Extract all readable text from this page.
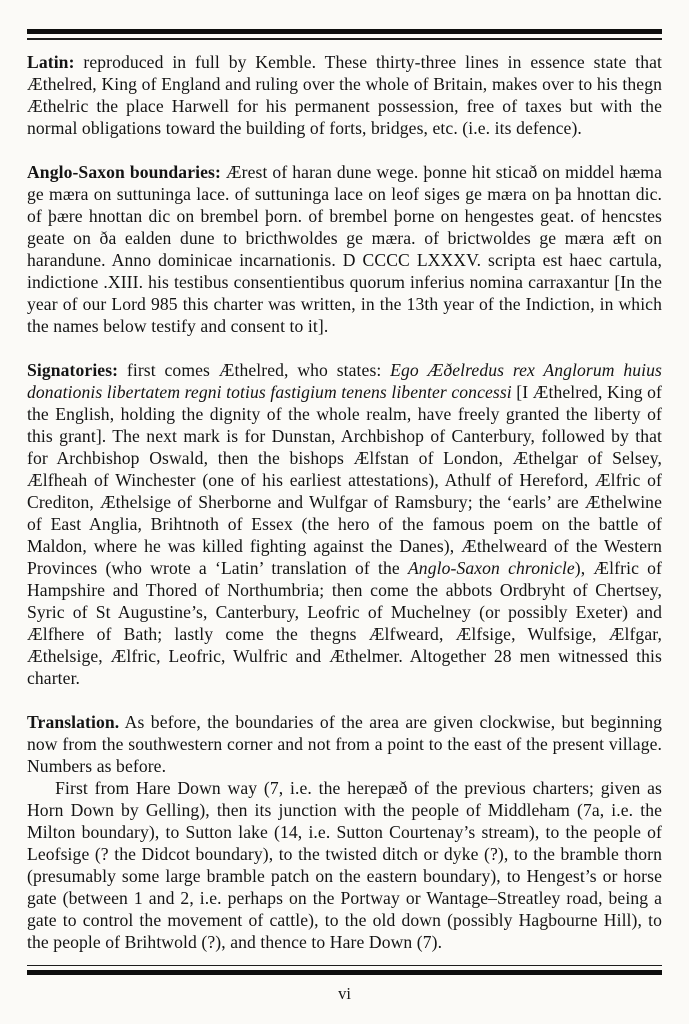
Latin: reproduced in full by Kemble. These thirty-three lines in essence state that Æthelred, King of England and ruling over the whole of Britain, makes over to his thegn Æthelric the place Harwell for his permanent possession, free of taxes but with the normal obligations toward the building of forts, bridges, etc. (i.e. its defence).

Anglo-Saxon boundaries: Ærest of haran dune wege. þonne hit sticað on middel hæma ge mæra on suttuninga lace. of suttuninga lace on leof siges ge mæra on þa hnottan dic. of þære hnottan dic on brembel þorn. of brembel þorne on hengestes geat. of hencstes geate on ða ealden dune to bricthwoldes ge mæra. of brictwoldes ge mæra æft on harandune. Anno dominicae incarnationis. D CCCC LXXXV. scripta est haec cartula, indictione .XIII. his testibus consentientibus quorum inferius nomina carraxantur [In the year of our Lord 985 this charter was written, in the 13th year of the Indiction, in which the names below testify and consent to it].

Signatories: first comes Æthelred, who states: Ego Æðelredus rex Anglorum huius donationis libertatem regni totius fastigium tenens libenter concessi [I Æthelred, King of the English, holding the dignity of the whole realm, have freely granted the liberty of this grant]. The next mark is for Dunstan, Archbishop of Canterbury, followed by that for Archbishop Oswald, then the bishops Ælfstan of London, Æthelgar of Selsey, Ælfheah of Winchester (one of his earliest attestations), Athulf of Hereford, Ælfric of Crediton, Æthelsige of Sherborne and Wulfgar of Ramsbury; the ‘earls’ are Æthelwine of East Anglia, Brihtnoth of Essex (the hero of the famous poem on the battle of Maldon, where he was killed fighting against the Danes), Æthelweard of the Western Provinces (who wrote a ‘Latin’ translation of the Anglo-Saxon chronicle), Ælfric of Hampshire and Thored of Northumbria; then come the abbots Ordbryht of Chertsey, Syric of St Augustine’s, Canterbury, Leofric of Muchelney (or possibly Exeter) and Ælfhere of Bath; lastly come the thegns Ælfweard, Ælfsige, Wulfsige, Ælfgar, Æthelsige, Ælfric, Leofric, Wulfric and Æthelmer. Altogether 28 men witnessed this charter.

Translation. As before, the boundaries of the area are given clockwise, but beginning now from the southwestern corner and not from a point to the east of the present village. Numbers as before.

First from Hare Down way (7, i.e. the herepæð of the previous charters; given as Horn Down by Gelling), then its junction with the people of Middleham (7a, i.e. the Milton boundary), to Sutton lake (14, i.e. Sutton Courtenay’s stream), to the people of Leofsige (? the Didcot boundary), to the twisted ditch or dyke (?), to the bramble thorn (presumably some large bramble patch on the eastern boundary), to Hengest’s or horse gate (between 1 and 2, i.e. perhaps on the Portway or Wantage–Streatley road, being a gate to control the movement of cattle), to the old down (possibly Hagbourne Hill), to the people of Brihtwold (?), and thence to Hare Down (7).

vi
